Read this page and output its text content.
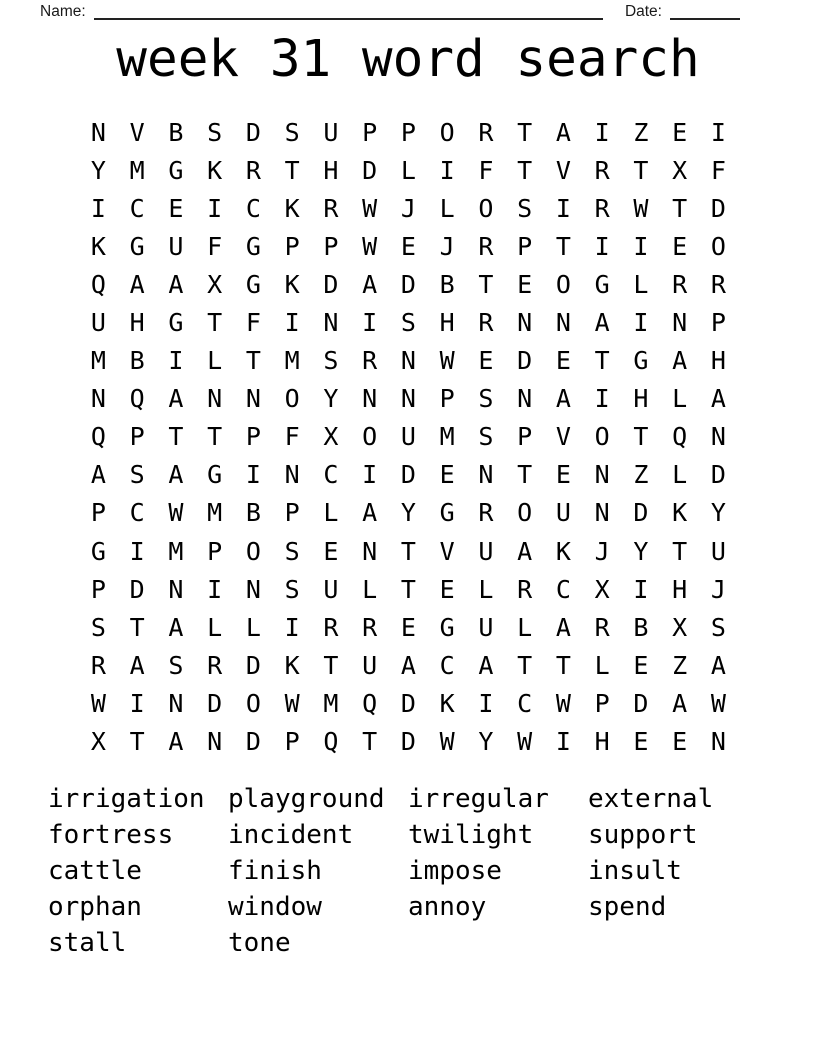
Name:	Date:
week 31 word search
N V B S D S U P P O R T A I Z E I
Y M G K R T H D L I F T V R T X F
I C E I C K R W J L O S I R W T D
K G U F G P P W E J R P T I I E O
Q A A X G K D A D B T E O G L R R
U H G T F I N I S H R N N A I N P
M B I L T M S R N W E D E T G A H
N Q A N N O Y N N P S N A I H L A
Q P T T P F X O U M S P V O T Q N
A S A G I N C I D E N T E N Z L D
P C W M B P L A Y G R O U N D K Y
G I M P O S E N T V U A K J Y T U
P D N I N S U L T E L R C X I H J
S T A L L I R R E G U L A R B X S
R A S R D K T U A C A T T L E Z A
W I N D O W M Q D K I C W P D A W
X T A N D P Q T D W Y W I H E E N
irrigation
fortress
cattle
orphan
stall
playground
incident
finish
window
tone
irregular
twilight
impose
annoy
external
support
insult
spend
